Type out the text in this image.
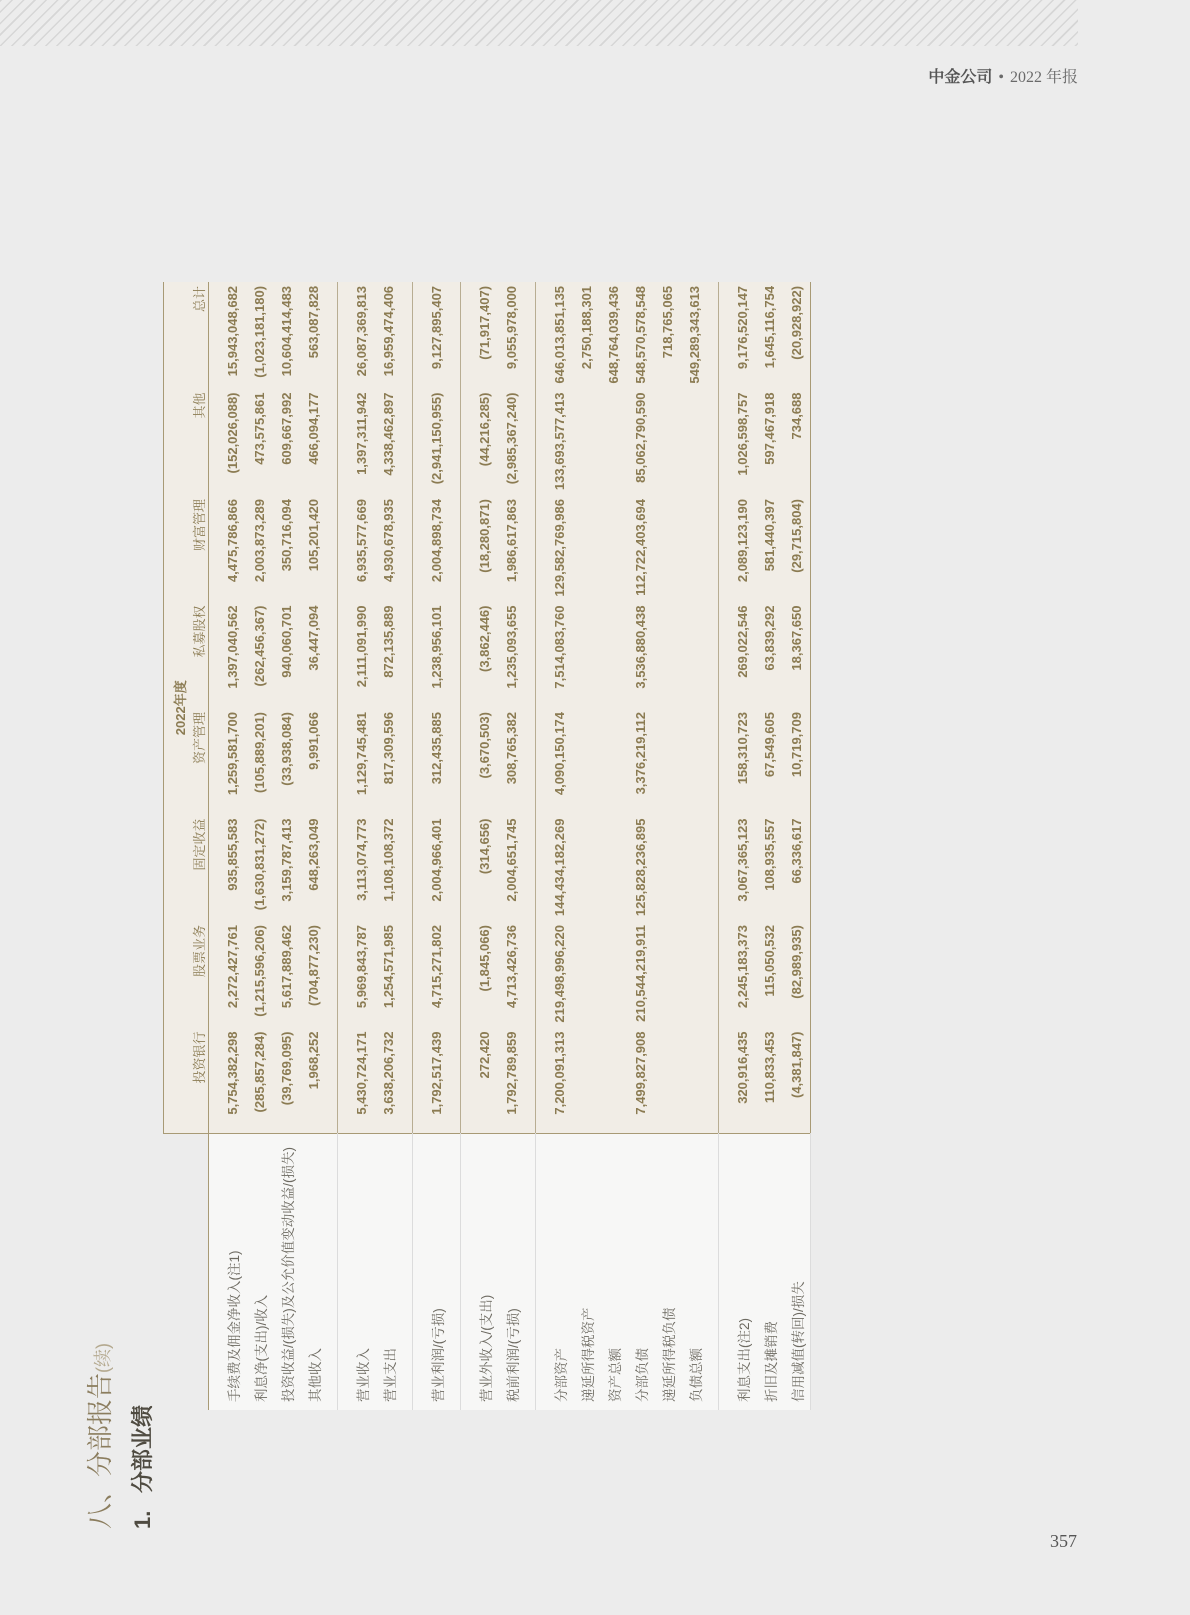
中金公司 • 2022 年报
八、分部报告(续)
1.分部业绩
	2022年度							
	投资银行	股票业务	固定收益	资产管理	私募股权	财富管理	其他	总计

手续费及佣金净收入(注1)	5,754,382,298	2,272,427,761	935,855,583	1,259,581,700	1,397,040,562	4,475,786,866	(152,026,088)	15,943,048,682
利息净(支出)/收入	(285,857,284)	(1,215,596,206)	(1,630,831,272)	(105,889,201)	(262,456,367)	2,003,873,289	473,575,861	(1,023,181,180)
投资收益/(损失)及公允价值变动收益/(损失)	(39,769,095)	5,617,889,462	3,159,787,413	(33,938,084)	940,060,701	350,716,094	609,667,992	10,604,414,483
其他收入	1,968,252	(704,877,230)	648,263,049	9,991,066	36,447,094	105,201,420	466,094,177	563,087,828

营业收入	5,430,724,171	5,969,843,787	3,113,074,773	1,129,745,481	2,111,091,990	6,935,577,669	1,397,311,942	26,087,369,813
营业支出	3,638,206,732	1,254,571,985	1,108,108,372	817,309,596	872,135,889	4,930,678,935	4,338,462,897	16,959,474,406

营业利润/(亏损)	1,792,517,439	4,715,271,802	2,004,966,401	312,435,885	1,238,956,101	2,004,898,734	(2,941,150,955)	9,127,895,407

营业外收入/(支出)	272,420	(1,845,066)	(314,656)	(3,670,503)	(3,862,446)	(18,280,871)	(44,216,285)	(71,917,407)
税前利润/(亏损)	1,792,789,859	4,713,426,736	2,004,651,745	308,765,382	1,235,093,655	1,986,617,863	(2,985,367,240)	9,055,978,000

分部资产	7,200,091,313	219,498,996,220	144,434,182,269	4,090,150,174	7,514,083,760	129,582,769,986	133,693,577,413	646,013,851,135
递延所得税资产								2,750,188,301
资产总额								648,764,039,436
分部负债	7,499,827,908	210,544,219,911	125,828,236,895	3,376,219,112	3,536,880,438	112,722,403,694	85,062,790,590	548,570,578,548
递延所得税负债								718,765,065
负债总额								549,289,343,613

利息支出(注2)	320,916,435	2,245,183,373	3,067,365,123	158,310,723	269,022,546	2,089,123,190	1,026,598,757	9,176,520,147
折旧及摊销费	110,833,453	115,050,532	108,935,557	67,549,605	63,839,292	581,440,397	597,467,918	1,645,116,754
信用减值(转回)/损失	(4,381,847)	(82,989,935)	66,336,617	10,719,709	18,367,650	(29,715,804)	734,688	(20,928,922)
357
